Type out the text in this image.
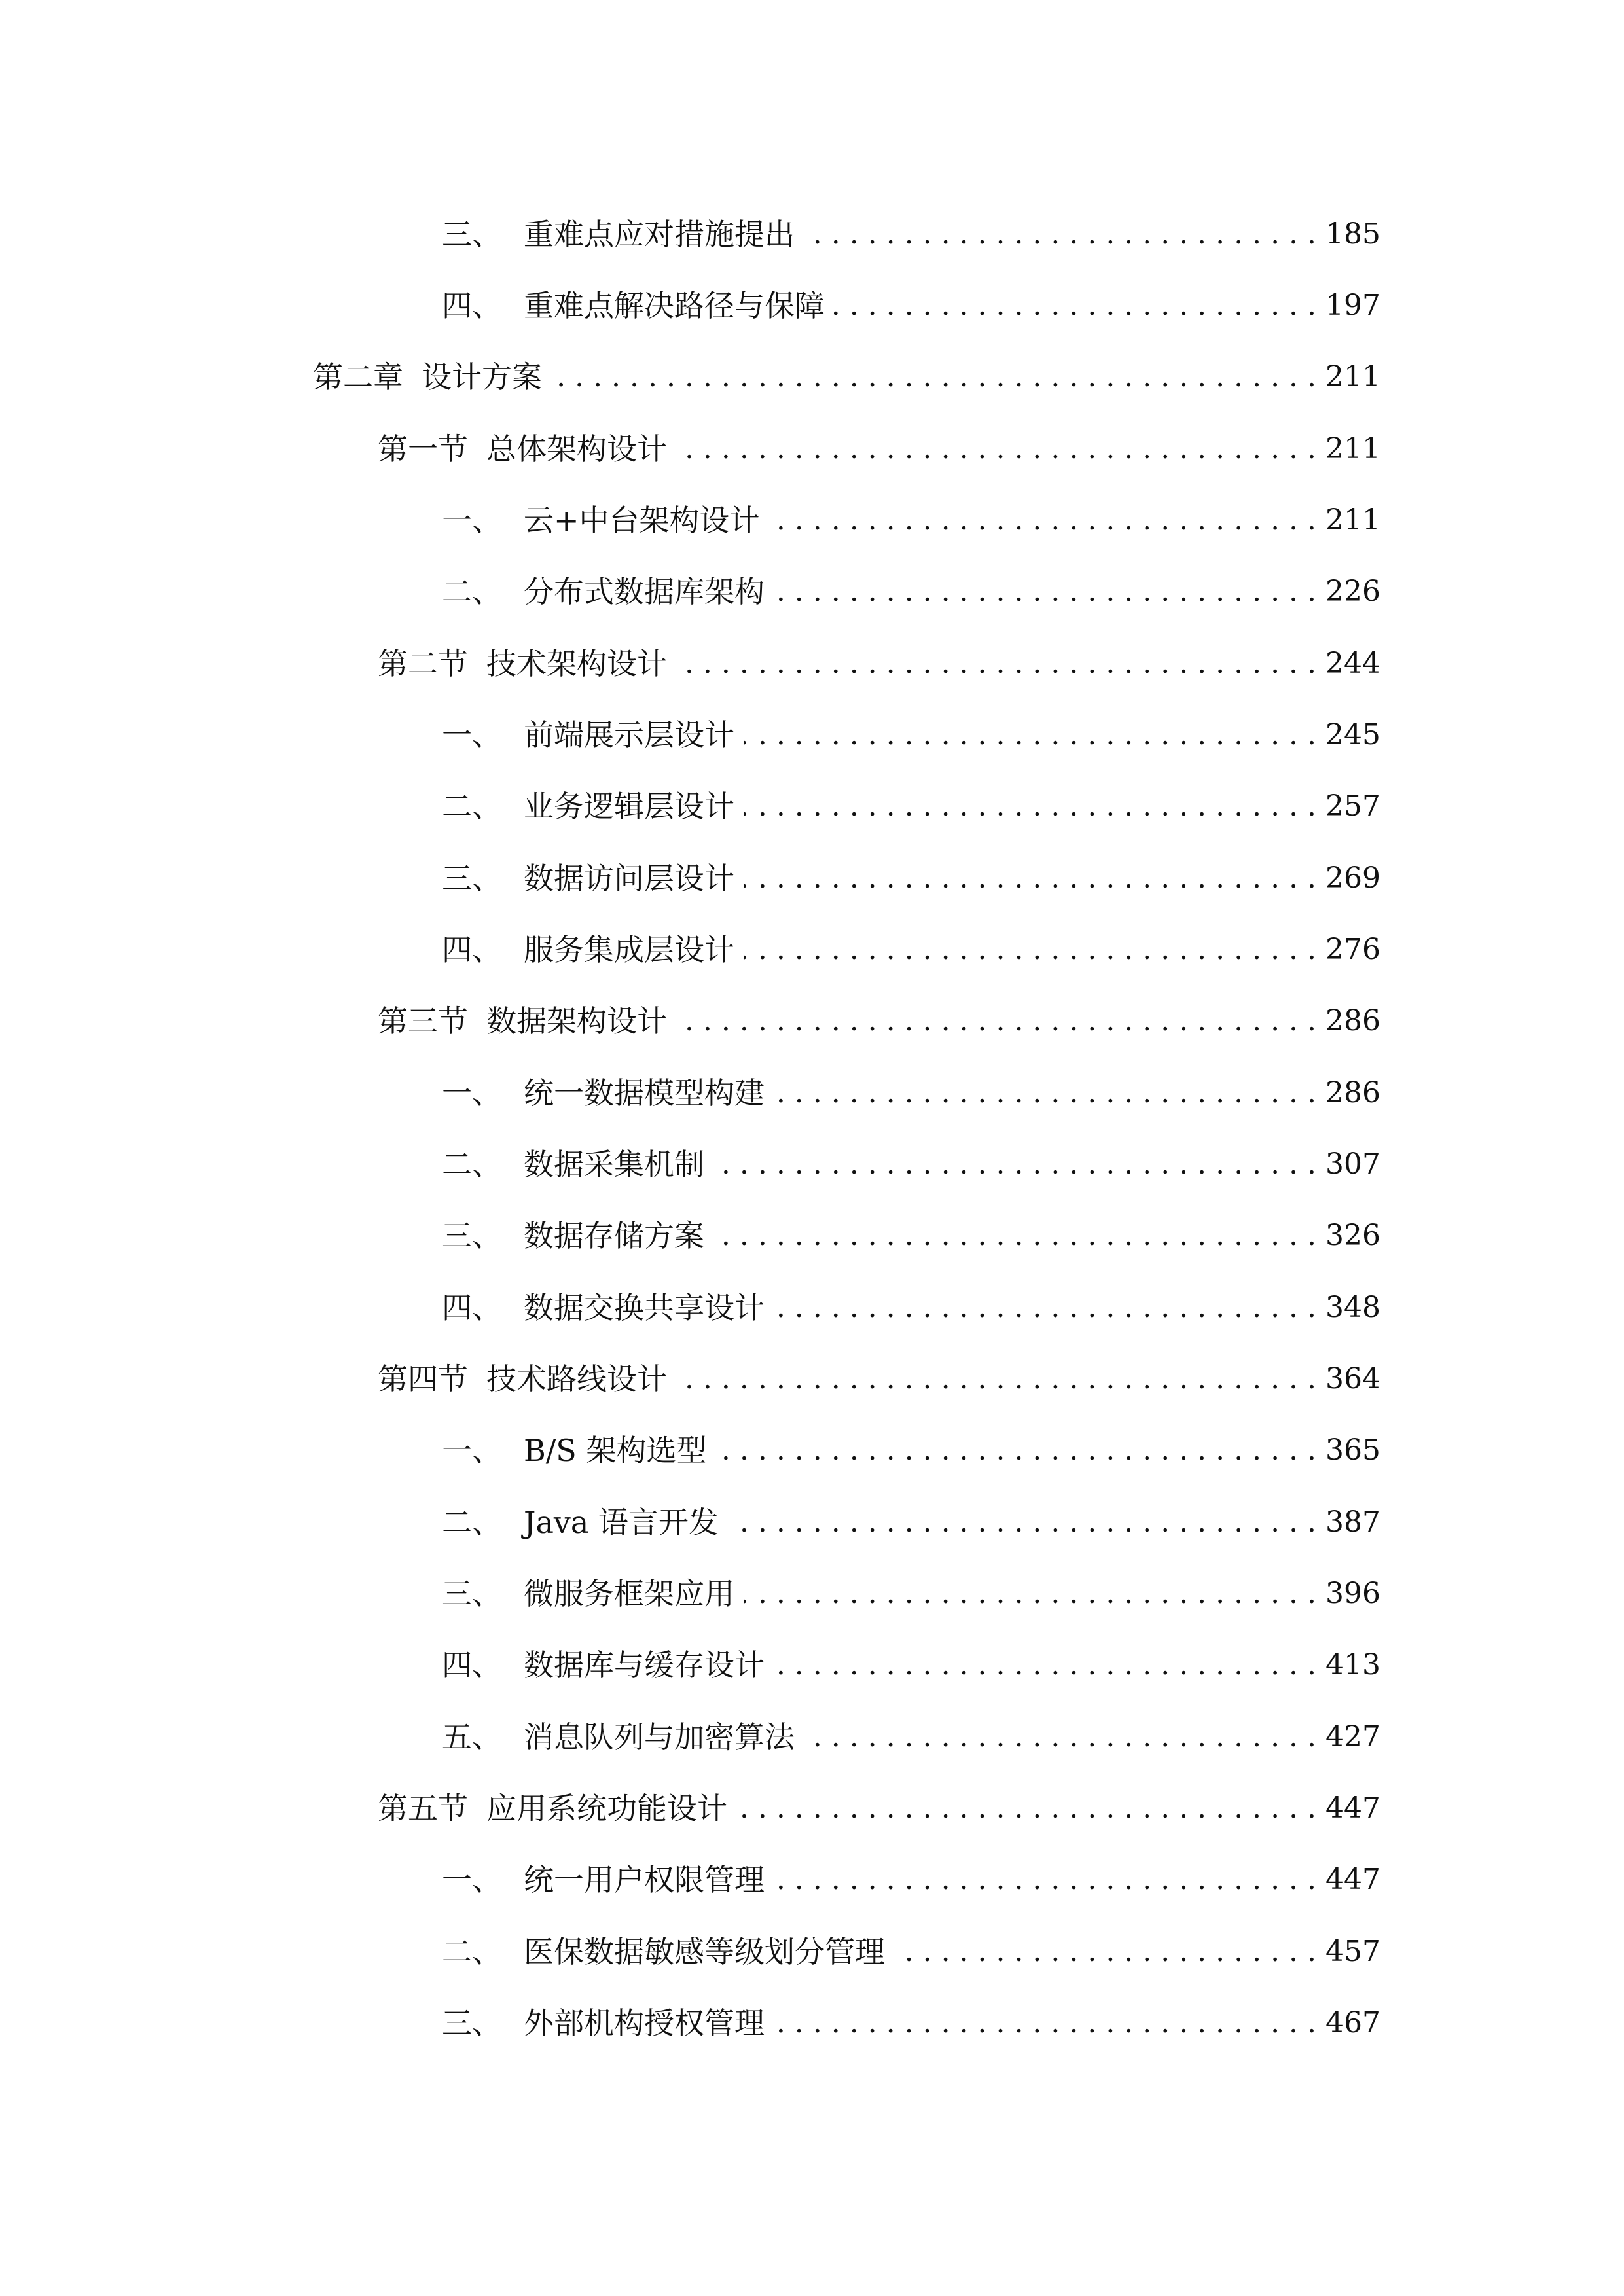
三、 重难点应对措施提出 . . .	185
四、 重难点解决路径与保障 . . .	197
第二章 设计方案 . . .	211
第一节 总体架构设计 . . .	211
一、 云+中台架构设计 . . .	211
二、 分布式数据库架构 . . .	226
第二节 技术架构设计 . . .	244
一、 前端展示层设计 . . .	245
二、 业务逻辑层设计 . . .	257
三、 数据访问层设计 . . .	269
四、 服务集成层设计 . . .	276
第三节 数据架构设计 . . .	286
一、 统一数据模型构建 . . .	286
二、 数据采集机制 . . .	307
三、 数据存储方案 . . .	326
四、 数据交换共享设计 . . .	348
第四节 技术路线设计 . . .	364
一、 B/S 架构选型 . . .	365
二、 Java 语言开发 . . .	387
三、 微服务框架应用 . . .	396
四、 数据库与缓存设计 . . .	413
五、 消息队列与加密算法 . . .	427
第五节 应用系统功能设计 . . .	447
一、 统一用户权限管理 . . .	447
二、 医保数据敏感等级划分管理 . . .	457
三、 外部机构授权管理 . . .	467
